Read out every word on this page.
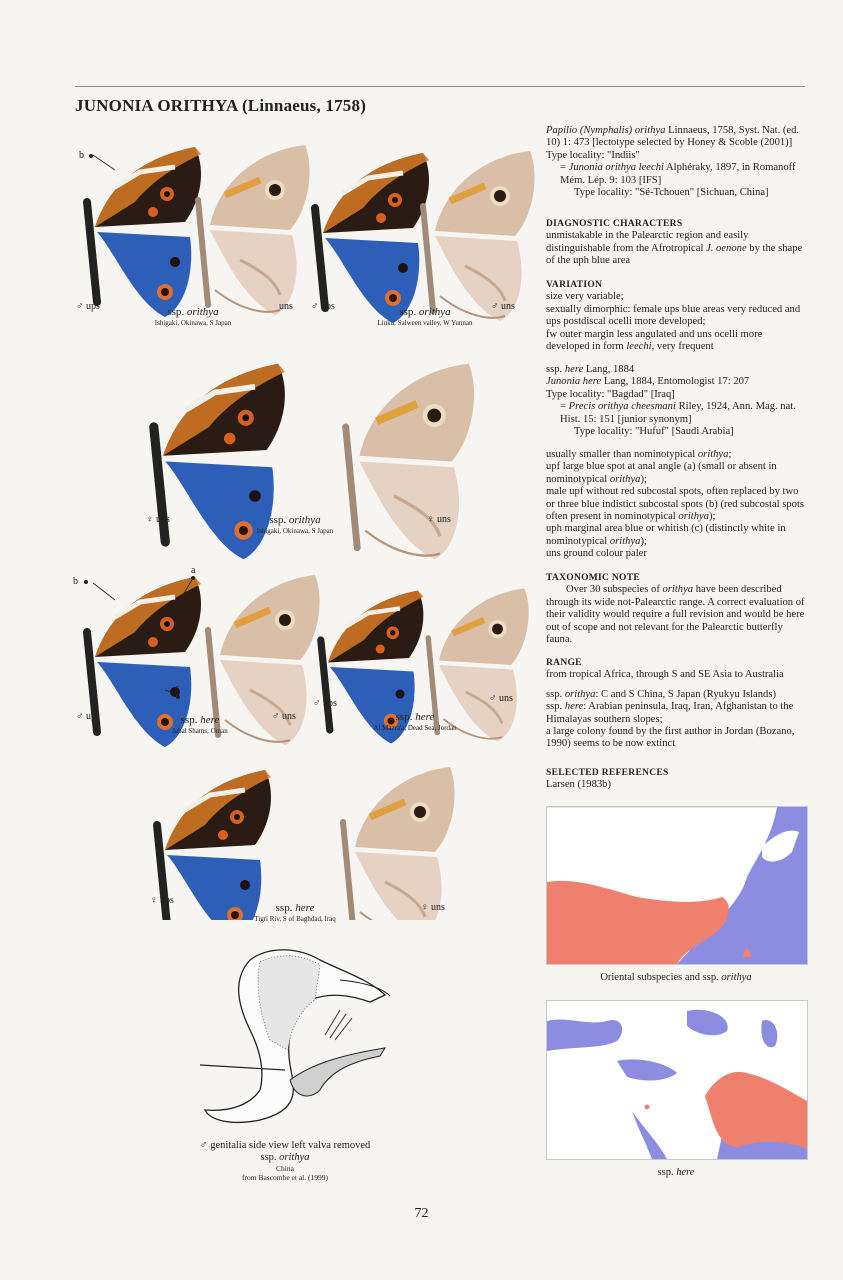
JUNONIA ORITHYA (Linnaeus, 1758)
b
♂ ups	uns
ssp. orithya
Ishigaki, Okinawa, S Japan
♂ ups	♂ uns
ssp. orithya
Liuku, Salween valley, W Yunnan
♀ ups	♀ uns
ssp. orithya
Ishigaki, Okinawa, S Japan
b
a
c
♂ ups	♂ uns
ssp. here
Jabal Shams, Oman
♂ ups	♂ uns
ssp. here
Al Mazra'a, Dead Sea, Jordan
♀ ups
♀ uns
ssp. here
Tigri Riv, S of Baghdad, Iraq
♂ genitalia side view left valva removed
ssp. orithya
China
from Bascombe et al. (1999)

Papilio (Nymphalis) orithya Linnaeus, 1758, Syst. Nat. (ed. 10) 1: 473 [lectotype selected by Honey & Scoble (2001)]

Type locality: "Indiis"

= Junonia orithya leechi Alphéraky, 1897, in Romanoff Mém. Lép. 9: 103 [IFS]

Type locality: "Sé-Tchouen" [Sichuan, China]

DIAGNOSTIC CHARACTERS

unmistakable in the Palearctic region and easily distinguishable from the Afrotropical J. oenone by the shape of the uph blue area

VARIATION

size very variable;

sexually dimorphic: female ups blue areas very reduced and ups postdiscal ocelli more developed;

fw outer margin less angulated and uns ocelli more developed in form leechi, very frequent

ssp. here Lang, 1884

Junonia here Lang, 1884, Entomologist 17: 207

Type locality: "Bagdad" [Iraq]

= Precis orithya cheesmani Riley, 1924, Ann. Mag. nat. Hist. 15: 151 [junior synonym]

Type locality: "Hufuf" [Saudi Arabia]

usually smaller than nominotypical orithya;

upf large blue spot at anal angle (a) (small or absent in nominotypical orithya);

male upf without red subcostal spots, often replaced by two or three blue indistict subcostal spots (b) (red subcostal spots often present in nominotypical orithya);

uph marginal area blue or whitish (c) (distinctly white in nominotypical orithya);

uns ground colour paler

TAXONOMIC NOTE

Over 30 subspecies of orithya have been described through its wide not-Palearctic range. A correct evaluation of their validity would require a full revision and would be here out of scope and not relevant for the Palearctic butterfly fauna.

RANGE

from tropical Africa, through S and SE Asia to Australia

ssp. orithya: C and S China, S Japan (Ryukyu Islands)

ssp. here: Arabian peninsula, Iraq, Iran, Afghanistan to the Himalayas southern slopes;

a large colony found by the first author in Jordan (Bozano, 1990) seems to be now extinct

SELECTED REFERENCES

Larsen (1983b)

Oriental subspecies and ssp. orithya
ssp. here
72
